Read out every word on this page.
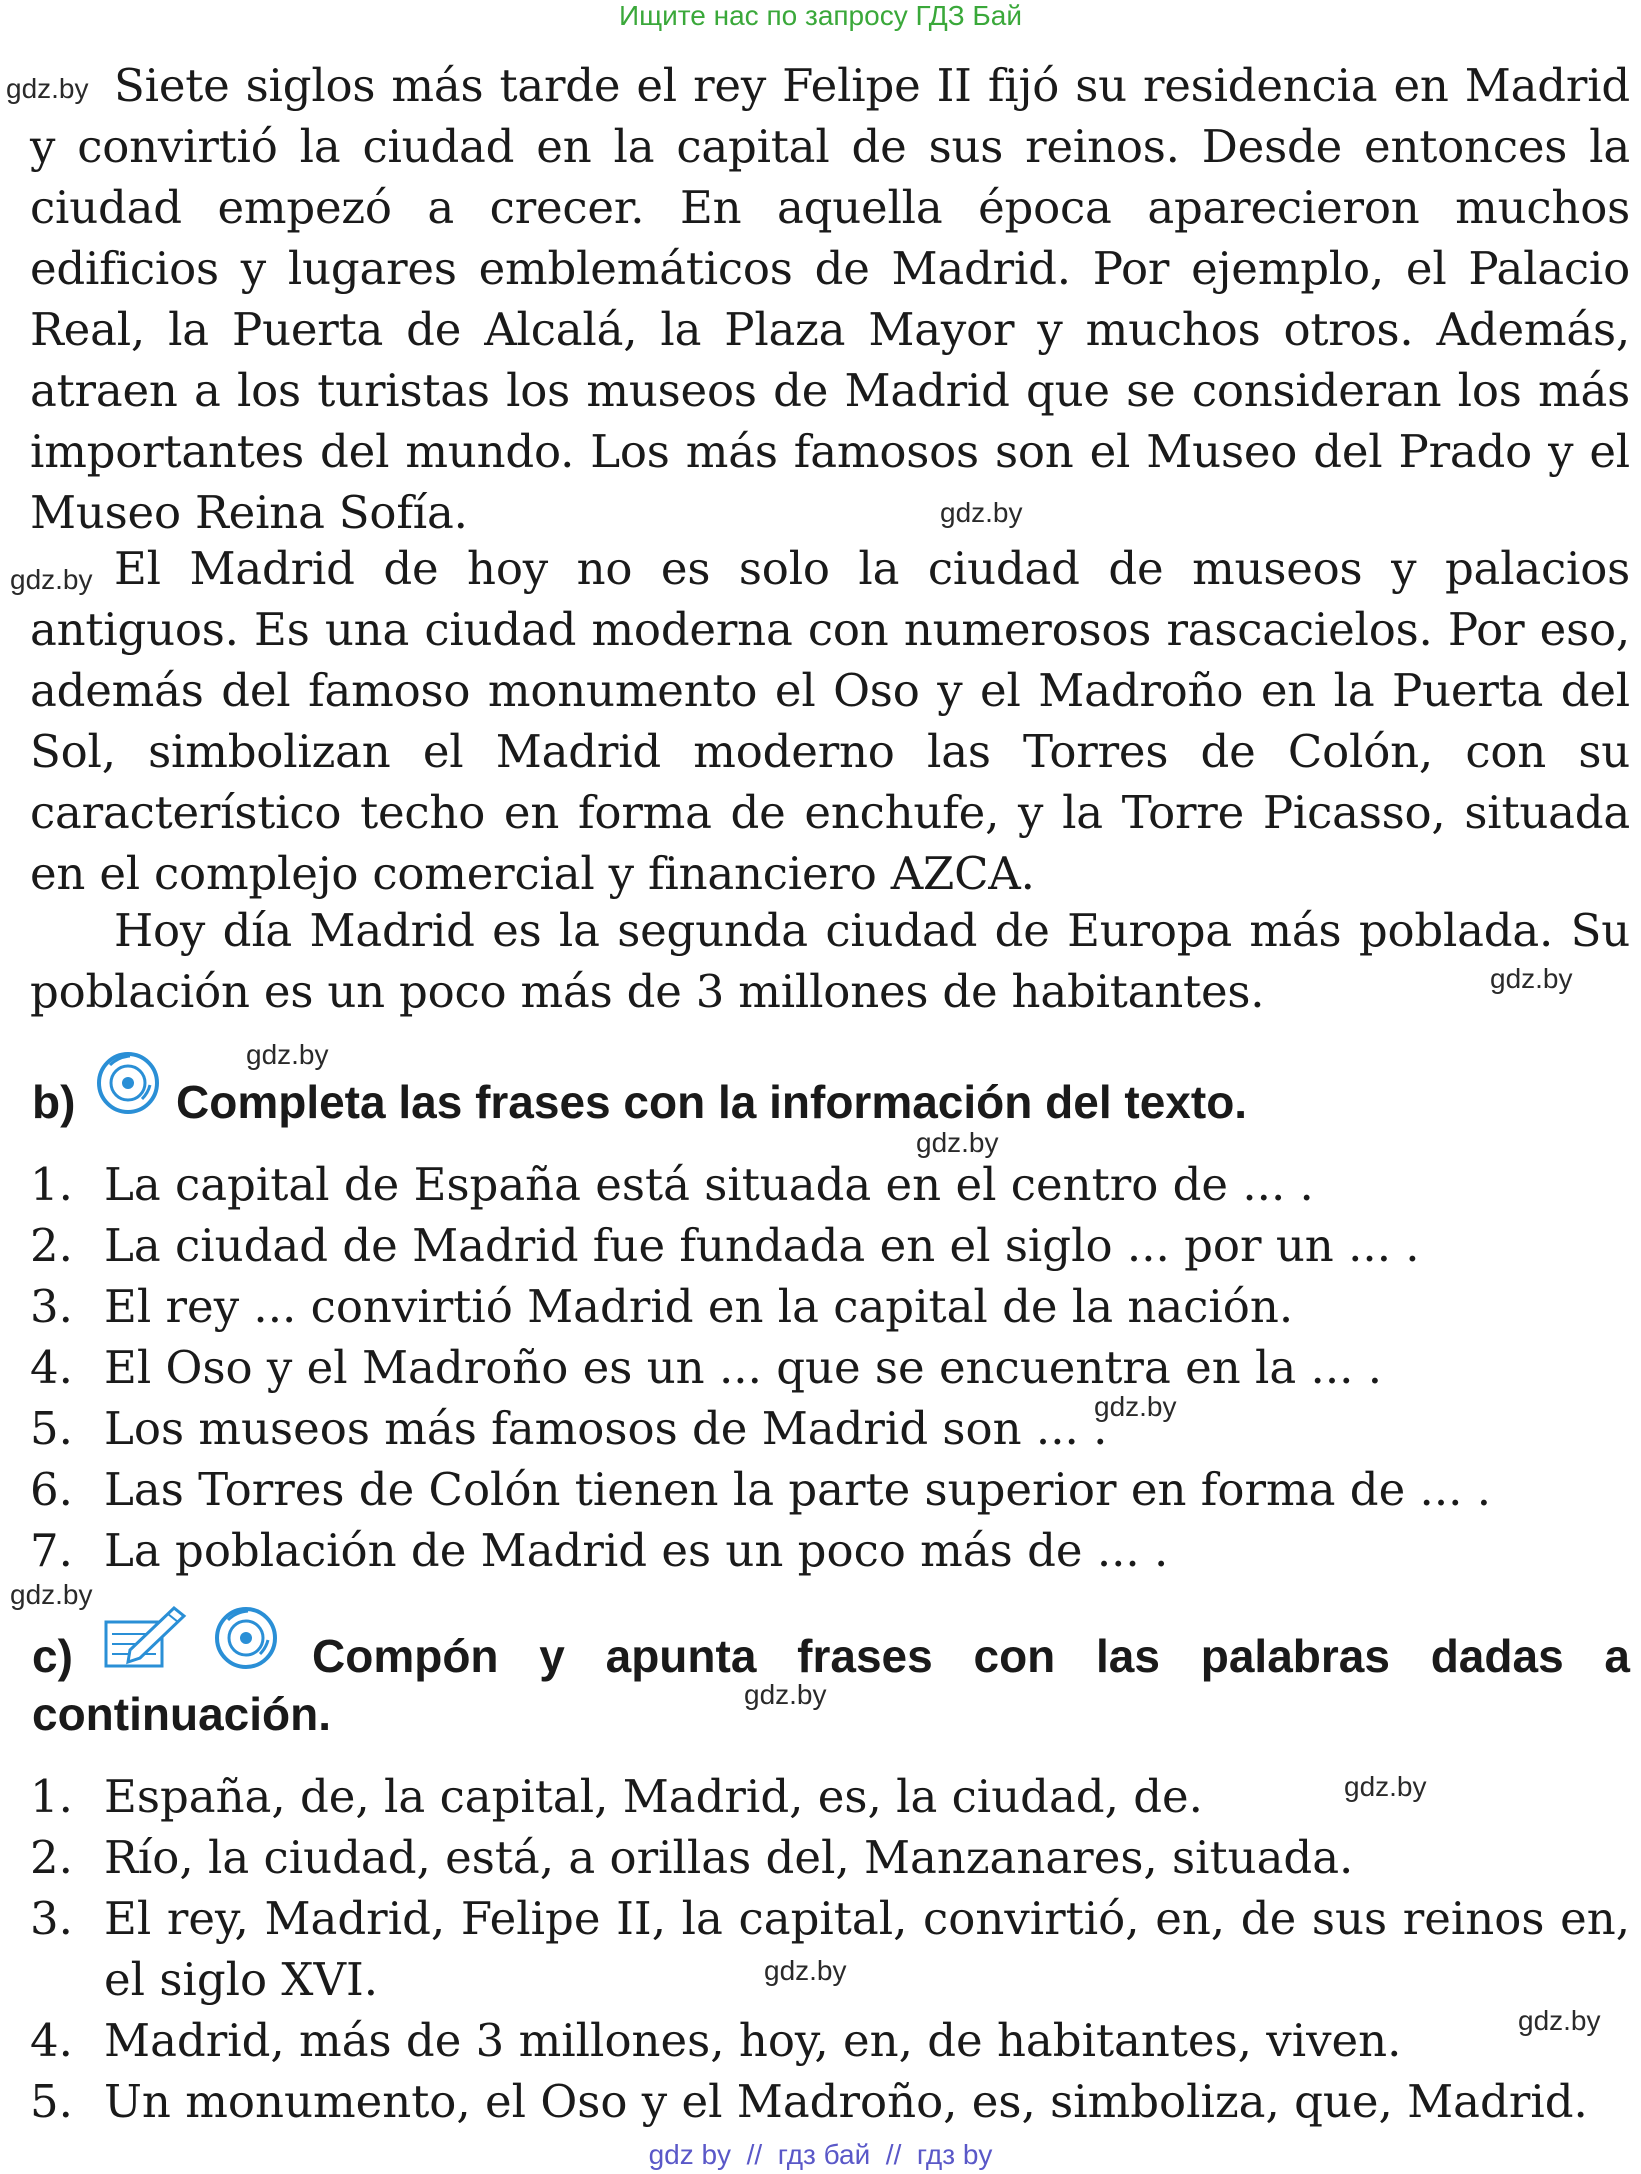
Ищите нас по запросу ГДЗ Бай

Siete siglos más tarde el rey Felipe II fijó su residencia en Madrid y convirtió la ciudad en la capital de sus reinos. Desde entonces la ciudad empezó a crecer. En aquella época aparecieron muchos edificios y lugares emblemáticos de Madrid. Por ejemplo, el Palacio Real, la Puerta de Alcalá, la Plaza Mayor y muchos otros. Además, atraen a los turistas los museos de Madrid que se consideran los más importantes del mundo. Los más famosos son el Museo del Prado y el Museo Reina Sofía.

El Madrid de hoy no es solo la ciudad de museos y palacios antiguos. Es una ciudad moderna con numerosos rascacielos. Por eso, además del famoso monumento el Oso y el Madroño en la Puerta del Sol, simbolizan el Madrid moderno las Torres de Colón, con su característico techo en forma de enchufe, y la Torre Picasso, situada en el complejo comercial y financiero AZCA.

Hoy día Madrid es la segunda ciudad de Europa más poblada. Su población es un poco más de 3 millones de habitantes.

b) Completa las frases con la información del texto.
1. La capital de España está situada en el centro de ... .
2. La ciudad de Madrid fue fundada en el siglo ... por un ... .
3. El rey ... convirtió Madrid en la capital de la nación.
4. El Oso y el Madroño es un ... que se encuentra en la ... .
5. Los museos más famosos de Madrid son ... .
6. Las Torres de Colón tienen la parte superior en forma de ... .
7. La población de Madrid es un poco más de ... .
c)	Compón y apunta frases con las palabras dadas a continuación.
1. España, de, la capital, Madrid, es, la ciudad, de.
2. Río, la ciudad, está, a orillas del, Manzanares, situada.
3. El rey, Madrid, Felipe II, la capital, convirtió, en, de sus reinos en, el siglo XVI.
4. Madrid, más de 3 millones, hoy, en, de habitantes, viven.
5. Un monumento, el Oso y el Madroño, es, simboliza, que, Madrid.
gdz.by
gdz.by
gdz.by
gdz.by
gdz.by
gdz.by
gdz.by
gdz.by
gdz.by
gdz.by
gdz.by
gdz.by
gdz by  //  гдз бай  //  гдз by
